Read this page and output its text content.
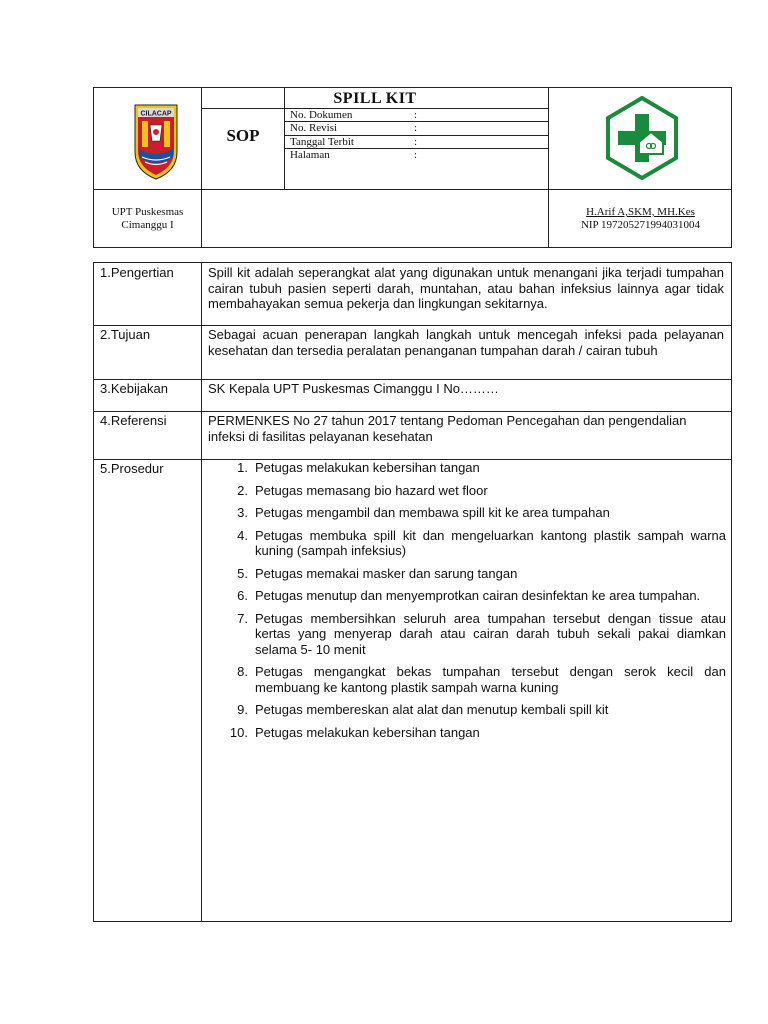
CILACAP
SPILL KIT
SOP
No. Dokumen	:
No. Revisi	:
Tanggal Terbit	:
Halaman	:
UPT Puskesmas
Cimanggu I
H.Arif A,SKM, MH.Kes
NIP 197205271994031004
1.Pengertian	Spill kit adalah seperangkat alat yang digunakan untuk menangani jika terjadi tumpahan cairan tubuh pasien seperti darah, muntahan, atau bahan infeksius lainnya agar tidak membahayakan semua pekerja dan lingkungan sekitarnya.
2.Tujuan	Sebagai acuan penerapan langkah langkah untuk mencegah infeksi pada pelayanan kesehatan dan tersedia peralatan penanganan tumpahan darah / cairan tubuh
3.Kebijakan	SK Kepala UPT Puskesmas Cimanggu I No………
4.Referensi	PERMENKES No 27 tahun 2017 tentang Pedoman Pencegahan dan pengendalian infeksi di fasilitas pelayanan kesehatan
5.Prosedur	1. Petugas melakukan kebersihan tangan
2. Petugas memasang bio hazard wet floor
3. Petugas mengambil dan membawa spill kit ke area tumpahan
4. Petugas membuka spill kit dan mengeluarkan kantong plastik sampah warna kuning (sampah infeksius)
5. Petugas memakai masker dan sarung tangan
6. Petugas menutup dan menyemprotkan cairan desinfektan ke area tumpahan.
7. Petugas membersihkan seluruh area tumpahan tersebut dengan tissue atau kertas yang menyerap darah atau cairan darah tubuh sekali pakai diamkan selama 5- 10 menit
8. Petugas mengangkat bekas tumpahan tersebut dengan serok kecil dan membuang ke kantong plastik sampah warna kuning
9. Petugas membereskan alat alat dan menutup kembali spill kit
10. Petugas melakukan kebersihan tangan
